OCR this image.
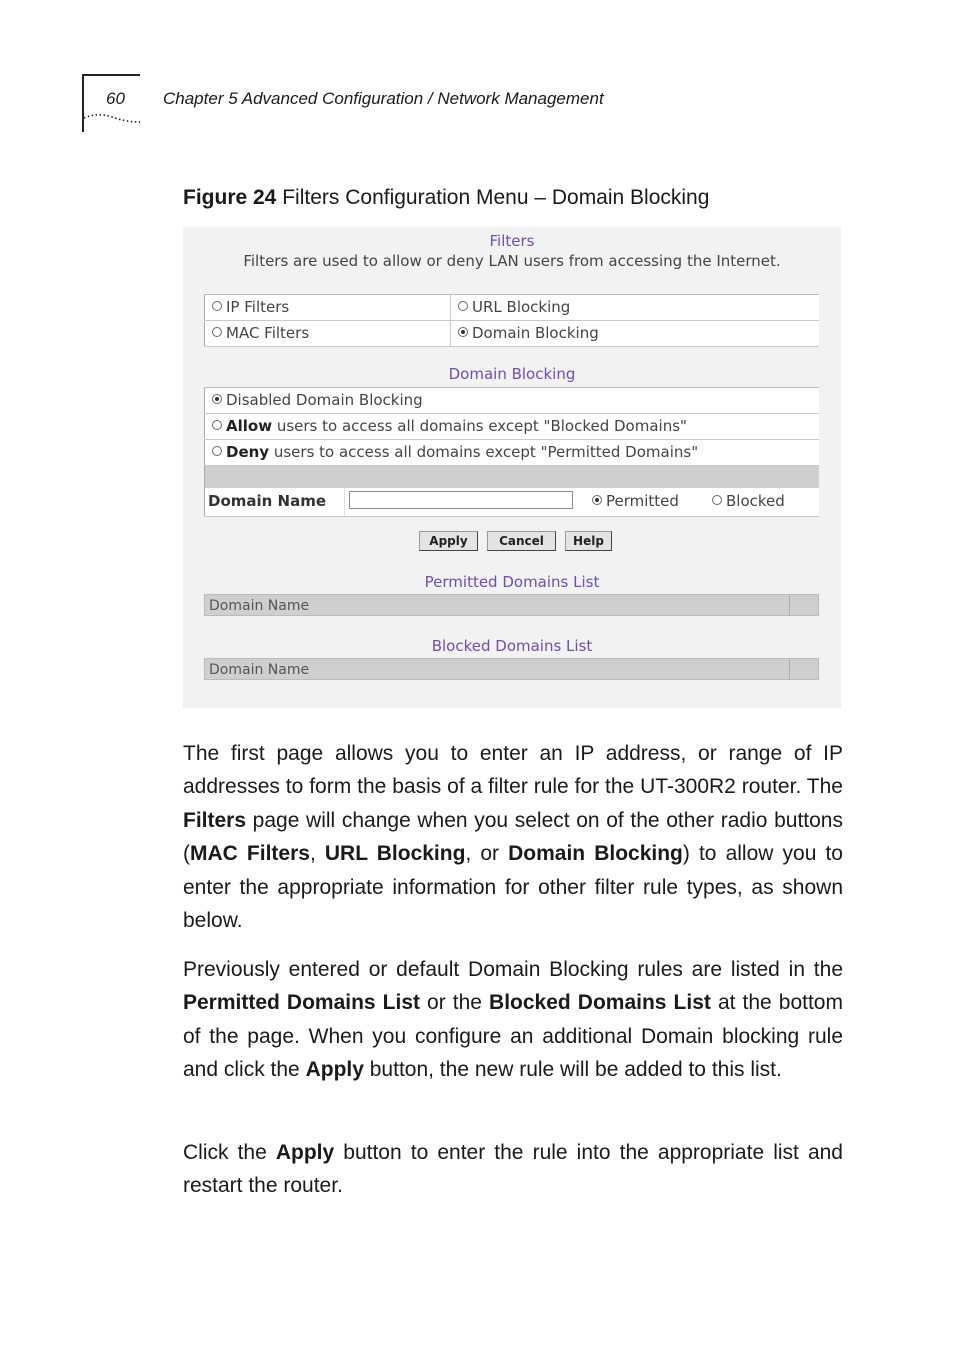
60 Chapter 5 Advanced Configuration / Network Management
Figure 24 Filters Configuration Menu – Domain Blocking
Filters
Filters are used to allow or deny LAN users from accessing the Internet.
IP Filters	URL Blocking
MAC Filters	Domain Blocking
Domain Blocking
Disabled Domain Blocking
Allow users to access all domains except "Blocked Domains"
Deny users to access all domains except "Permitted Domains"
Domain Name	Permitted	Blocked
Apply	Cancel	Help
Permitted Domains List
Domain Name
Blocked Domains List
Domain Name
The first page allows you to enter an IP address, or range of IP addresses to form the basis of a filter rule for the UT-300R2 router. The Filters page will change when you select on of the other radio buttons (MAC Filters, URL Blocking, or Domain Blocking) to allow you to enter the appropriate information for other filter rule types, as shown below.
Previously entered or default Domain Blocking rules are listed in the Permitted Domains List or the Blocked Domains List at the bottom of the page. When you configure an additional Domain blocking rule and click the Apply button, the new rule will be added to this list.
Click the Apply button to enter the rule into the appropriate list and restart the router.
